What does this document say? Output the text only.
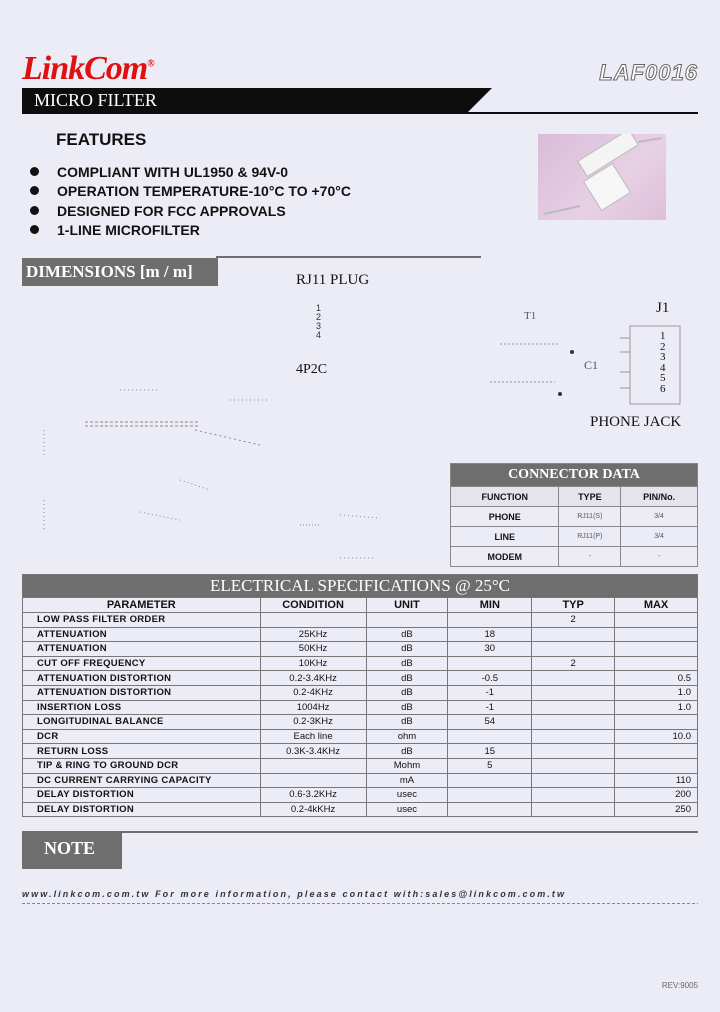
LinkCom®	LAF0016
MICRO FILTER
FEATURES
COMPLIANT WITH UL1950 & 94V-0
OPERATION TEMPERATURE-10°C TO +70°C
DESIGNED FOR FCC APPROVALS
1-LINE MICROFILTER
DIMENSIONS [m / m]	RJ11 PLUG
1
2
3
4
4P2C
T1
C1
J1
1
2
3
4
5
6
PHONE JACK
CONNECTOR DATA		
FUNCTION	TYPE	PIN/No.
PHONE	RJ11(S)	3/4
LINE	RJ11(P)	3/4
MODEM	-	-
ELECTRICAL SPECIFICATIONS @ 25°C					
PARAMETER	CONDITION	UNIT	MIN	TYP	MAX
LOW PASS FILTER ORDER				2	
ATTENUATION	25KHz	dB	18		
ATTENUATION	50KHz	dB	30		
CUT OFF FREQUENCY	10KHz	dB		2	
ATTENUATION DISTORTION	0.2-3.4KHz	dB	-0.5		0.5
ATTENUATION DISTORTION	0.2-4KHz	dB	-1		1.0
INSERTION LOSS	1004Hz	dB	-1		1.0
LONGITUDINAL BALANCE	0.2-3KHz	dB	54		
DCR	Each line	ohm			10.0
RETURN LOSS	0.3K-3.4KHz	dB	15		
TIP & RING TO GROUND DCR		Mohm	5		
DC CURRENT CARRYING CAPACITY		mA			110
DELAY DISTORTION	0.6-3.2KHz	usec			200
DELAY DISTORTION	0.2-4kKHz	usec			250
NOTE
www.linkcom.com.tw For more information, please contact with:sales@linkcom.com.tw
REV:9005
